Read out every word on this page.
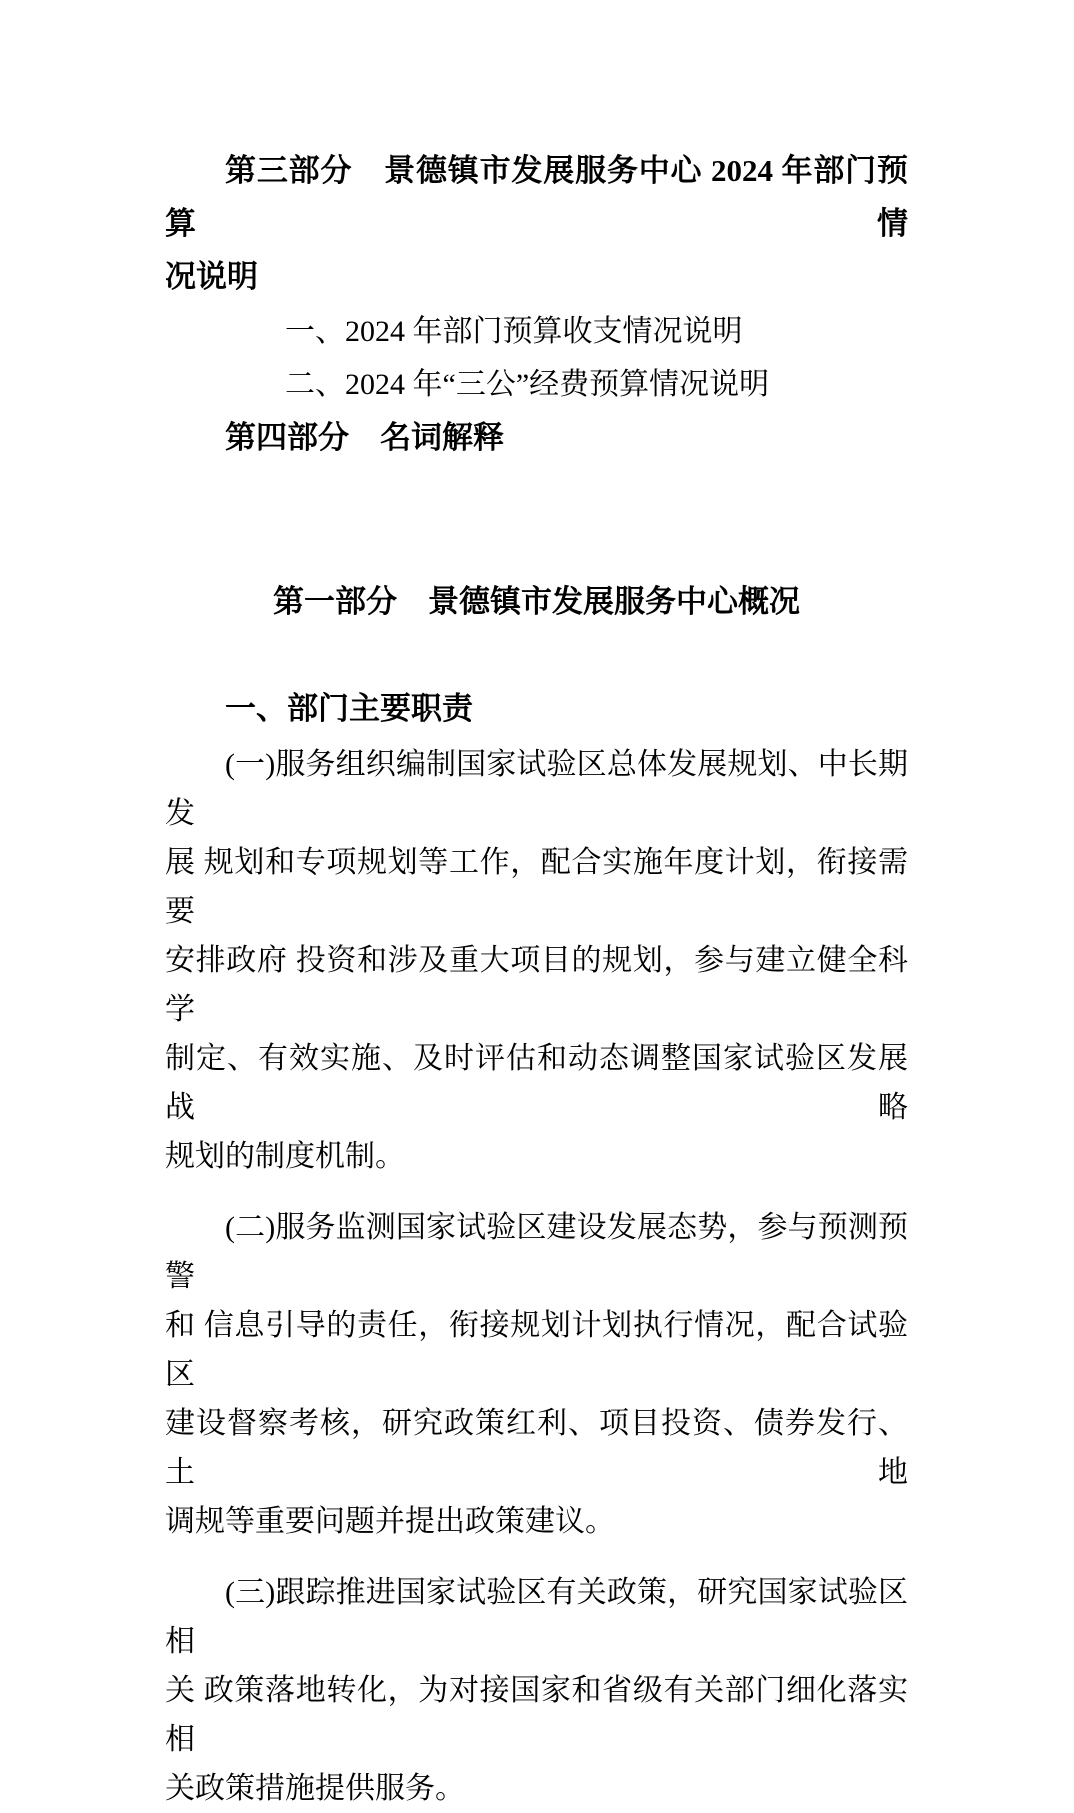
第三部分　景德镇市发展服务中心 2024 年部门预算情
况说明
一、2024 年部门预算收支情况说明
二、2024 年“三公”经费预算情况说明
第四部分　名词解释
第一部分　景德镇市发展服务中心概况
一、部门主要职责
(一)服务组织编制国家试验区总体发展规划、中长期发
展 规划和专项规划等工作，配合实施年度计划，衔接需要
安排政府 投资和涉及重大项目的规划，参与建立健全科学
制定、有效实施、及时评估和动态调整国家试验区发展战略
规划的制度机制。
(二)服务监测国家试验区建设发展态势，参与预测预警
和 信息引导的责任，衔接规划计划执行情况，配合试验区
建设督察考核，研究政策红利、项目投资、债券发行、土地
调规等重要问题并提出政策建议。
(三)跟踪推进国家试验区有关政策，研究国家试验区相
关 政策落地转化，为对接国家和省级有关部门细化落实相
关政策措施提供服务。
